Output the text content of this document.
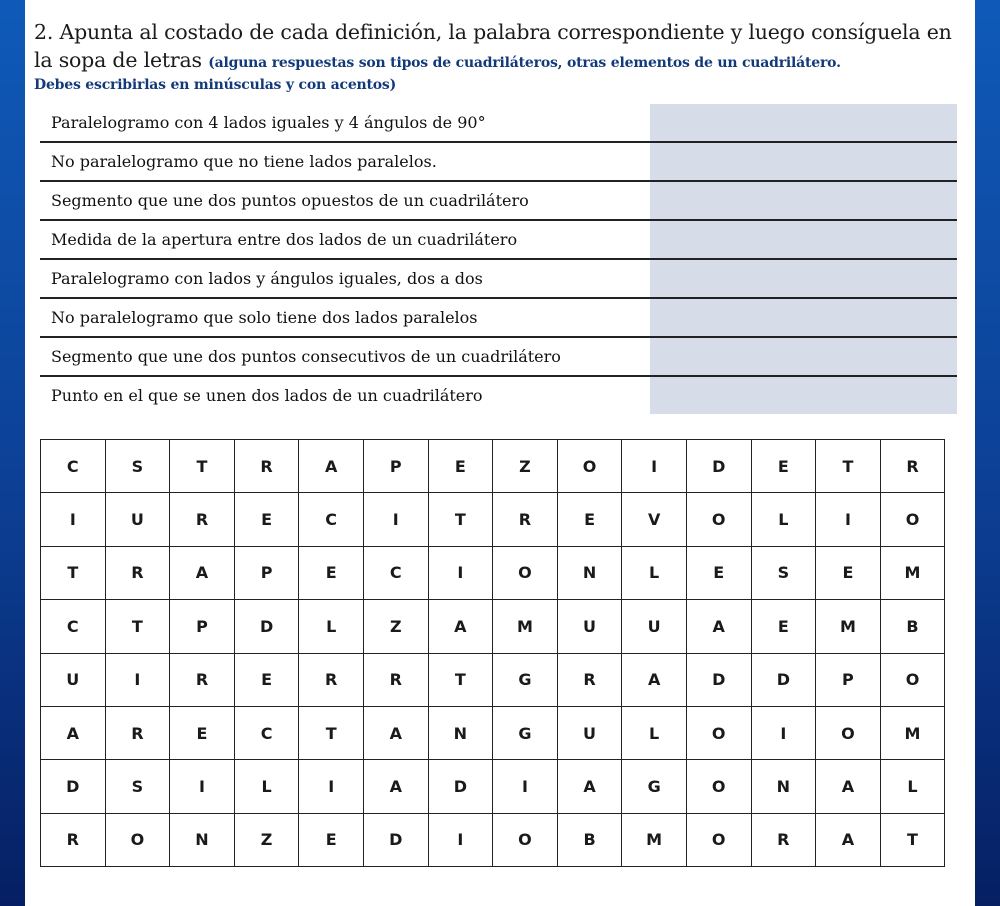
2. Apunta al costado de cada definición, la palabra correspondiente y luego consíguela en la sopa de letras (alguna respuestas son tipos de cuadriláteros, otras elementos de un cuadrilátero.
Debes escribirlas en minúsculas y con acentos)
Paralelogramo con 4 lados iguales y 4 ángulos de 90°
No paralelogramo que no tiene lados paralelos.
Segmento que une dos puntos opuestos de un cuadrilátero
Medida de la apertura entre dos lados de un cuadrilátero
Paralelogramo con lados y ángulos iguales, dos a dos
No paralelogramo que solo tiene dos lados paralelos
Segmento que une dos puntos consecutivos de un cuadrilátero
Punto en el que se unen dos lados de un cuadrilátero
C	S	T	R	A	P	E	Z	O	I	D	E	T	R
I	U	R	E	C	I	T	R	E	V	O	L	I	O
T	R	A	P	E	C	I	O	N	L	E	S	E	M
C	T	P	D	L	Z	A	M	U	U	A	E	M	B
U	I	R	E	R	R	T	G	R	A	D	D	P	O
A	R	E	C	T	A	N	G	U	L	O	I	O	M
D	S	I	L	I	A	D	I	A	G	O	N	A	L
R	O	N	Z	E	D	I	O	B	M	O	R	A	T
